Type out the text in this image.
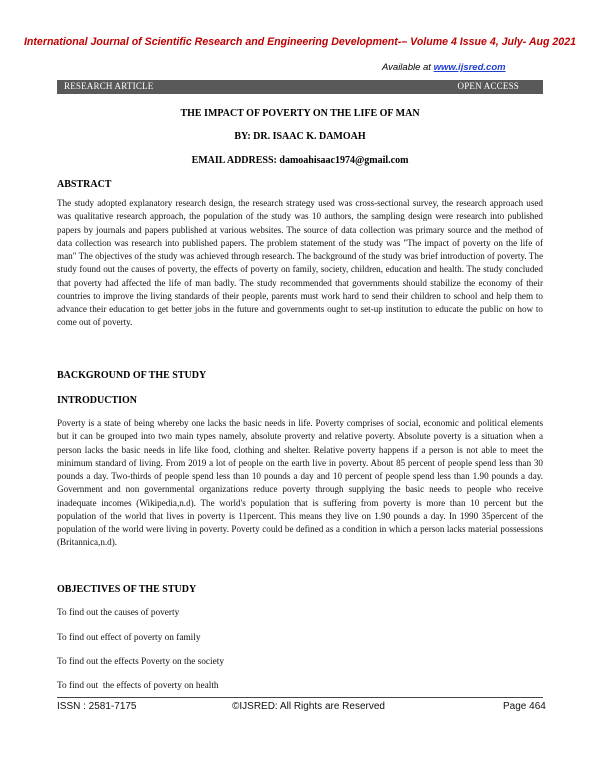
International Journal of Scientific Research and Engineering Development-– Volume 4 Issue 4, July- Aug 2021
Available at www.ijsred.com
RESEARCH ARTICLE	OPEN ACCESS
THE IMPACT OF POVERTY ON THE LIFE OF MAN
BY: DR. ISAAC K. DAMOAH
EMAIL ADDRESS: damoahisaac1974@gmail.com
ABSTRACT
The study adopted explanatory research design, the research strategy used was cross-sectional survey, the research approach used was qualitative research approach, the population of the study was 10 authors, the sampling design were research into published papers by journals and papers published at various websites. The source of data collection was primary source and the method of data collection was research into published papers. The problem statement of the study was "The impact of poverty on the life of man" The objectives of the study was achieved through research. The background of the study was brief introduction of poverty. The study found out the causes of poverty, the effects of poverty on family, society, children, education and health. The study concluded that poverty had affected the life of man badly. The study recommended that governments should stabilize the economy of their countries to improve the living standards of their people, parents must work hard to send their children to school and help them to advance their education to get better jobs in the future and governments ought to set-up institution to educate the public on how to come out of poverty.
BACKGROUND OF THE STUDY
INTRODUCTION
Poverty is a state of being whereby one lacks the basic needs in life. Poverty comprises of social, economic and political elements but it can be grouped into two main types namely, absolute proverty and relative poverty. Absolute poverty is a situation when a person lacks the basic needs in life like food, clothing and shelter. Relative poverty happens if a person is not able to meet the minimum standard of living. From 2019 a lot of people on the earth live in poverty. About 85 percent of people spend less than 30 pounds a day. Two-thirds of people spend less than 10 pounds a day and 10 percent of people spend less than 1.90 pounds a day. Government and non governmental organizations reduce poverty through supplying the basic needs to people who receive inadequate incomes (Wikipedia,n.d). The world's population that is suffering from poverty is more than 10 percent but the population of the world that lives in poverty is 11percent. This means they live on 1.90 pounds a day. In 1990 35percent of the population of the world were living in poverty. Poverty could be defined as a condition in which a person lacks material possessions (Britannica,n.d).
OBJECTIVES OF THE STUDY
To find out the causes of poverty
To find out effect of poverty on family
To find out the effects Poverty on the society
To find out  the effects of poverty on health
ISSN : 2581-7175	©IJSRED: All Rights are Reserved	Page 464
